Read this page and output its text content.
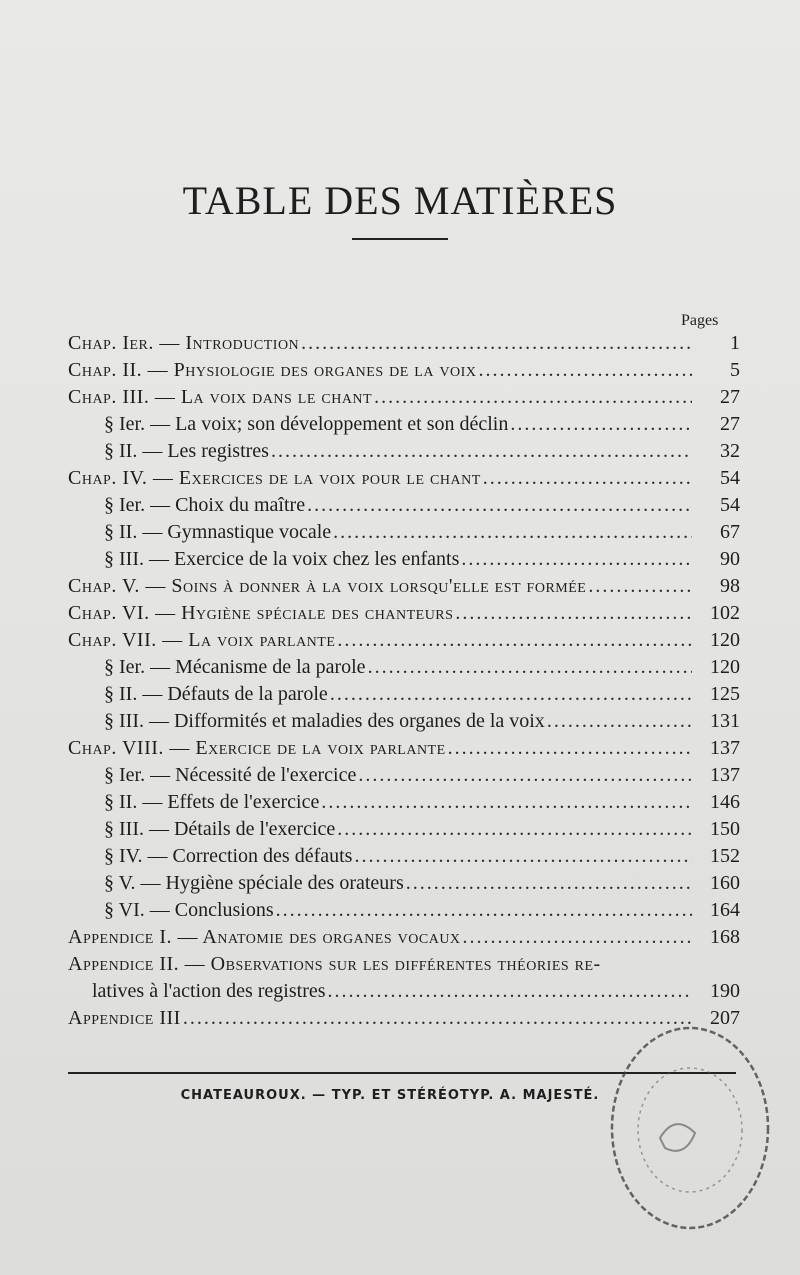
TABLE DES MATIÈRES
Pages
Chap. Ier. — Introduction .....	1
Chap. II. — Physiologie des organes de la voix .....	5
Chap. III. — La voix dans le chant .....	27
§ Ier. — La voix; son développement et son déclin .....	27
§ II. — Les registres .....	32
Chap. IV. — Exercices de la voix pour le chant .....	54
§ Ier. — Choix du maître .....	54
§ II. — Gymnastique vocale .....	67
§ III. — Exercice de la voix chez les enfants .....	90
Chap. V. — Soins à donner à la voix lorsqu'elle est formée .....	98
Chap. VI. — Hygiène spéciale des chanteurs .....	102
Chap. VII. — La voix parlante .....	120
§ Ier. — Mécanisme de la parole .....	120
§ II. — Défauts de la parole .....	125
§ III. — Difformités et maladies des organes de la voix .....	131
Chap. VIII. — Exercice de la voix parlante .....	137
§ Ier. — Nécessité de l'exercice .....	137
§ II. — Effets de l'exercice .....	146
§ III. — Détails de l'exercice .....	150
§ IV. — Correction des défauts .....	152
§ V. — Hygiène spéciale des orateurs .....	160
§ VI. — Conclusions .....	164
Appendice I. — Anatomie des organes vocaux .....	168
Appendice II. — Observations sur les différentes théories re-
latives à l'action des registres .....	190
Appendice III .....	207
CHATEAUROUX. — TYP. ET STÉRÉOTYP. A. MAJESTÉ.
